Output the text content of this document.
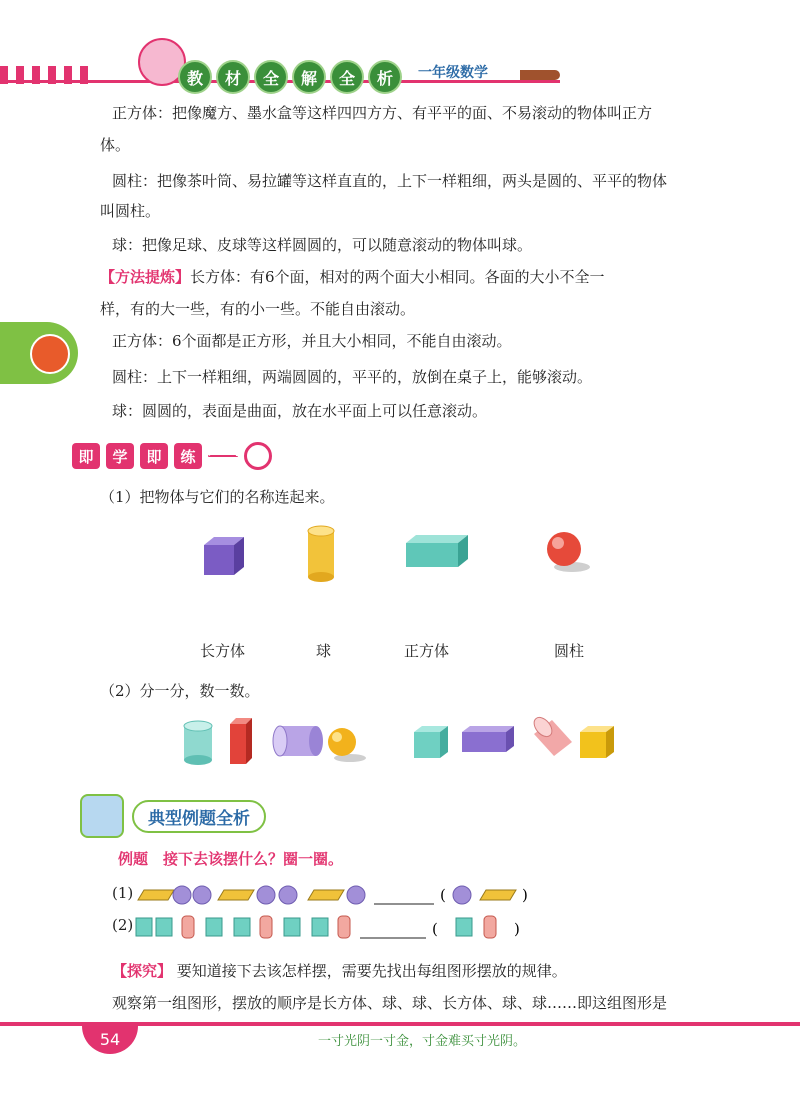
教	材	全	解	全	析	一年级数学
正方体：把像魔方、墨水盒等这样四四方方、有平平的面、不易滚动的物体叫正方
体。
圆柱：把像茶叶筒、易拉罐等这样直直的，上下一样粗细，两头是圆的、平平的物体
叫圆柱。
球：把像足球、皮球等这样圆圆的，可以随意滚动的物体叫球。
【方法提炼】长方体：有6个面，相对的两个面大小相同。各面的大小不全一
样，有的大一些，有的小一些。不能自由滚动。
正方体：6个面都是正方形，并且大小相同，不能自由滚动。
圆柱：上下一样粗细，两端圆圆的，平平的，放倒在桌子上，能够滚动。
球：圆圆的，表面是曲面，放在水平面上可以任意滚动。
即	学	即	练
（1）把物体与它们的名称连起来。
长方体	球	正方体	圆柱
（2）分一分，数一数。
典型例题全析
例题　接下去该摆什么？圈一圈。
(1)	(	)
(2)	(	)
【探究】 要知道接下去该怎样摆，需要先找出每组图形摆放的规律。
观察第一组图形，摆放的顺序是长方体、球、球、长方体、球、球……即这组图形是
54	一寸光阴一寸金，寸金难买寸光阴。
